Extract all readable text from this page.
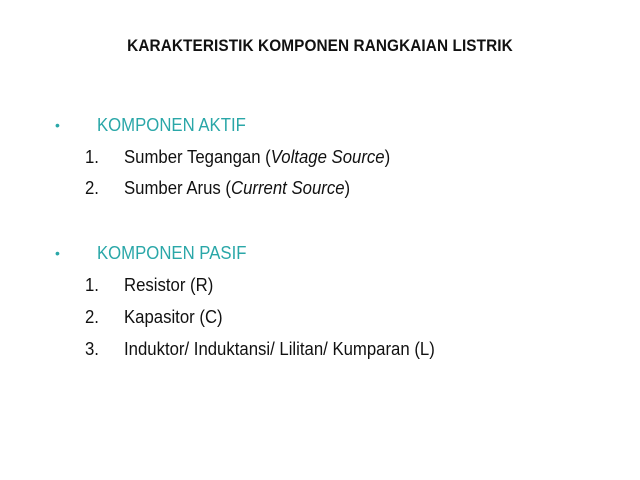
KARAKTERISTIK KOMPONEN RANGKAIAN LISTRIK
• KOMPONEN AKTIF
1. Sumber Tegangan (Voltage Source)
2. Sumber Arus (Current Source)
• KOMPONEN PASIF
1. Resistor (R)
2. Kapasitor (C)
3. Induktor/ Induktansi/ Lilitan/ Kumparan (L)
